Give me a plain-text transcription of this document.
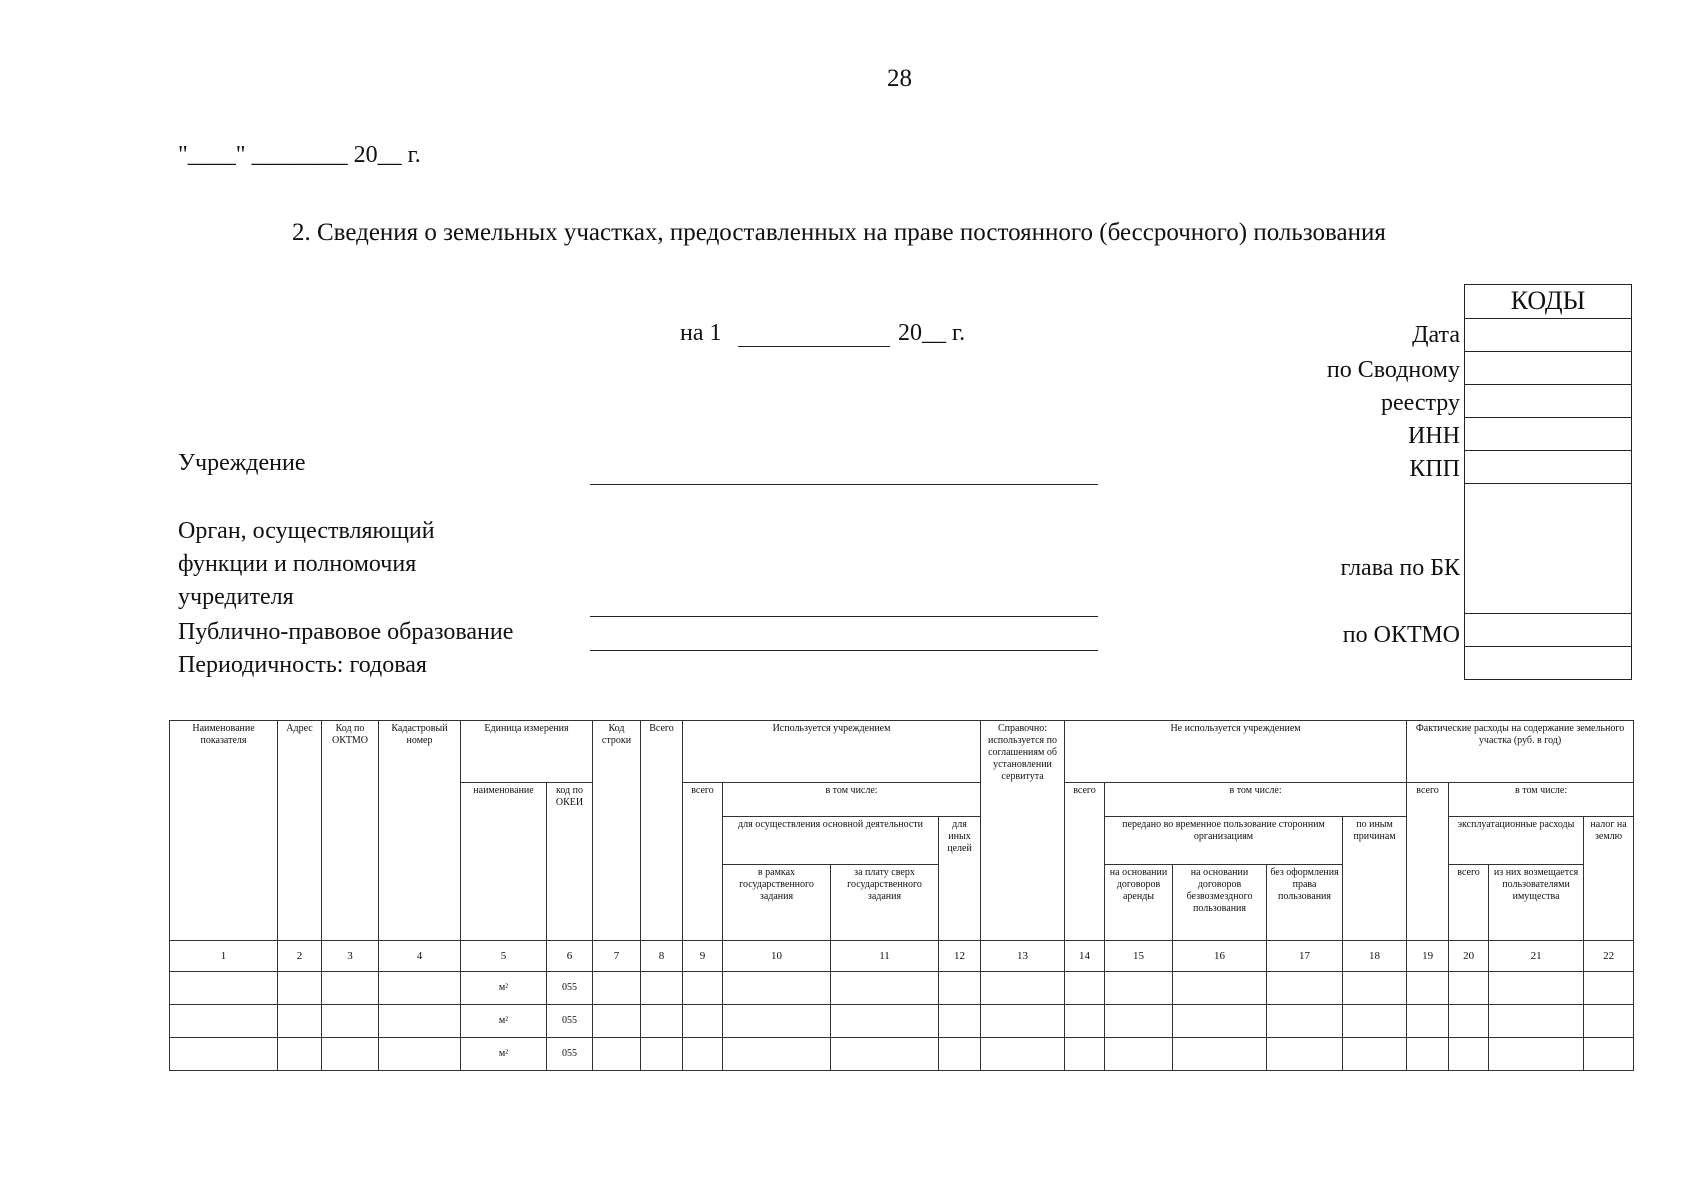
28
"____" ________ 20__ г.
2. Сведения о земельных участках, предоставленных на праве постоянного (бессрочного) пользования
на 1	20__ г.
КОДЫ
Дата
по Сводному
реестру
ИНН
КПП
глава по БК
по ОКТМО
Учреждение
Орган, осуществляющий
функции и полномочия
учредителя
Публично-правовое образование
Периодичность: годовая
Наименование показателя	Адрес	Код по ОКТМО	Кадастровый номер	Единица измерения		Код строки	Всего	Используется учреждением				Справочно: используется по соглашениям об установлении сервитута	Не используется учреждением					Фактические расходы на содержание земельного участка (руб. в год)			
				наименование	код по ОКЕИ			всего	в том числе:				всего	в том числе:				всего	в том числе:		
									для осуществления основной деятельности		для иных целей			передано во временное пользование сторонним организациям			по иным причинам		эксплуатационные расходы		налог на землю
									в рамках государственного задания	за плату сверх государственного задания				на основании договоров аренды	на основании договоров безвозмездного пользования	без оформления права пользования			всего	из них возмещается пользователями имущества	
1	2	3	4	5	6	7	8	9	10	11	12	13	14	15	16	17	18	19	20	21	22
				м²	055																
				м²	055																
				м²	055																
